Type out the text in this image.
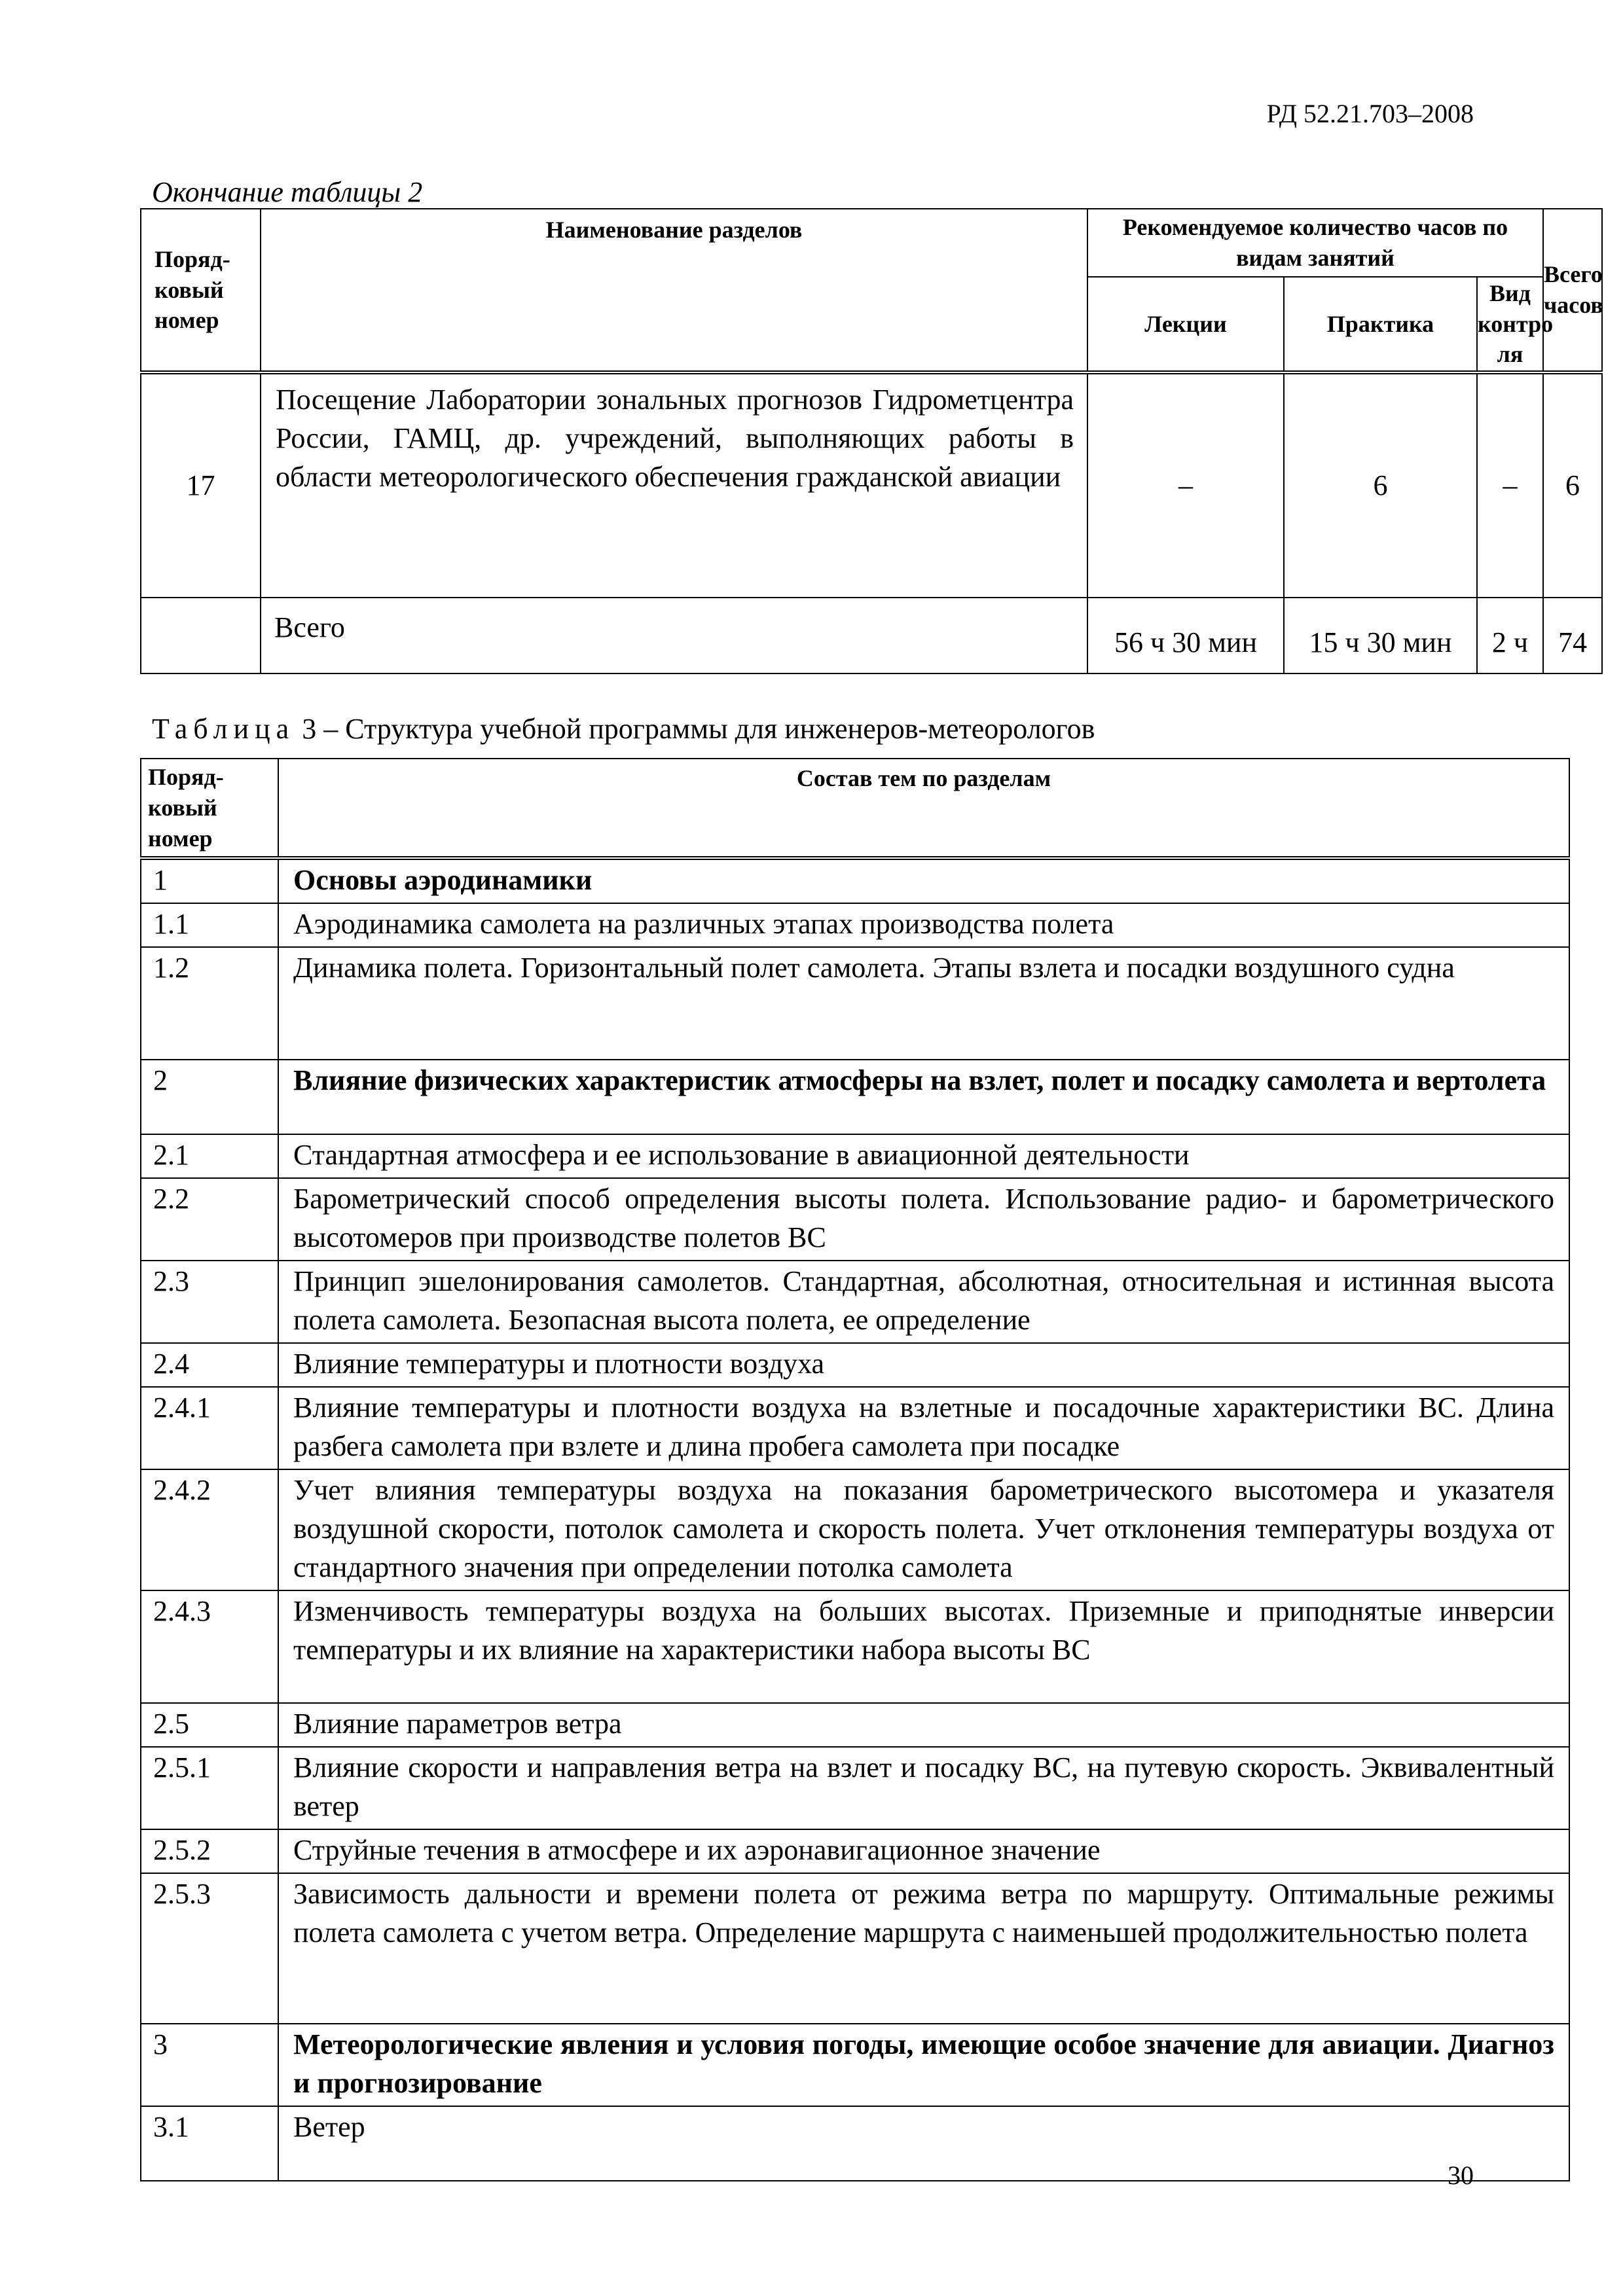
РД 52.21.703–2008
Окончание таблицы 2
Поряд-ковый номер	Наименование разделов	Рекомендуемое количество часов по видам занятий			Всего часов
		Лекции	Практика	Вид контро ля	
17	Посещение Лаборатории зональных прогнозов Гидрометцентра России, ГАМЦ, др. учреждений, выполняющих работы в области метеорологического обеспечения гражданской авиации	–	6	–	6
	Всего	56 ч 30 мин	15 ч 30 мин	2 ч	74
Таблица 3 – Структура учебной программы для инженеров-метеорологов
Поряд-ковый номер	Состав тем по разделам
1	Основы аэродинамики
1.1	Аэродинамика самолета на различных этапах производства полета
1.2	Динамика полета. Горизонтальный полет самолета. Этапы взлета и посадки воздушного судна
2	Влияние физических характеристик атмосферы на взлет, полет и посадку самолета и вертолета
2.1	Стандартная атмосфера и ее использование в авиационной деятельности
2.2	Барометрический способ определения высоты полета. Использование радио- и барометрического высотомеров при производстве полетов ВС
2.3	Принцип эшелонирования самолетов. Стандартная, абсолютная, относительная и истинная высота полета самолета. Безопасная высота полета, ее определение
2.4	Влияние температуры и плотности воздуха
2.4.1	Влияние температуры и плотности воздуха на взлетные и посадочные характеристики ВС. Длина разбега самолета при взлете и длина пробега самолета при посадке
2.4.2	Учет влияния температуры воздуха на показания барометрического высотомера и указателя воздушной скорости, потолок самолета и скорость полета. Учет отклонения температуры воздуха от стандартного значения при определении потолка самолета
2.4.3	Изменчивость температуры воздуха на больших высотах. Приземные и приподнятые инверсии температуры и их влияние на характеристики набора высоты ВС
2.5	Влияние параметров ветра
2.5.1	Влияние скорости и направления ветра на взлет и посадку ВС, на путевую скорость. Эквивалентный ветер
2.5.2	Струйные течения в атмосфере и их аэронавигационное значение
2.5.3	Зависимость дальности и времени полета от режима ветра по маршруту. Оптимальные режимы полета самолета с учетом ветра. Определение маршрута с наименьшей продолжительностью полета
3	Метеорологические явления и условия погоды, имеющие особое значение для авиации. Диагноз и прогнозирование
3.1	Ветер
30
